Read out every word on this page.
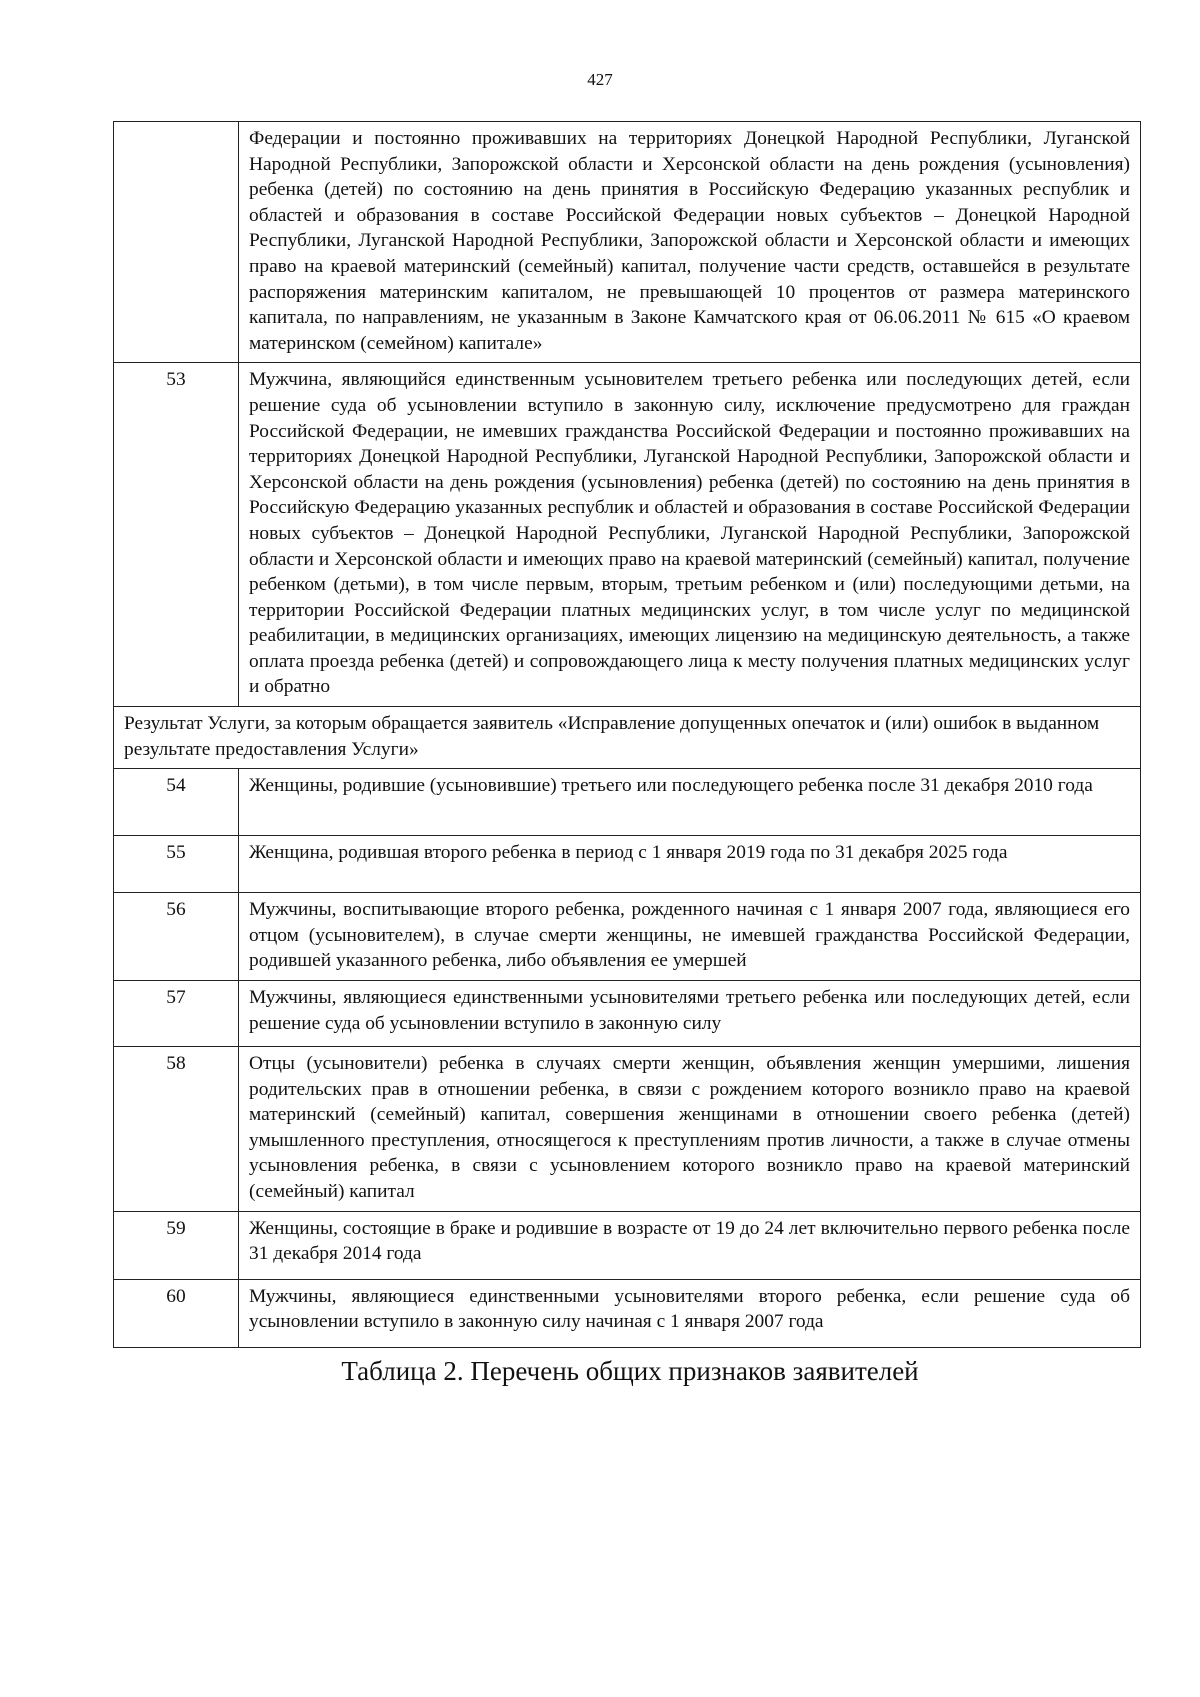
427
	Федерации и постоянно проживавших на территориях Донецкой Народной Республики, Луганской Народной Республики, Запорожской области и Херсонской области на день рождения (усыновления) ребенка (детей) по состоянию на день принятия в Российскую Федерацию указанных республик и областей и образования в составе Российской Федерации новых субъектов – Донецкой Народной Республики, Луганской Народной Республики, Запорожской области и Херсонской области и имеющих право на краевой материнский (семейный) капитал, получение части средств, оставшейся в результате распоряжения материнским капиталом, не превышающей 10 процентов от размера материнского капитала, по направлениям, не указанным в Законе Камчатского края от 06.06.2011 № 615 «О краевом материнском (семейном) капитале»
53	Мужчина, являющийся единственным усыновителем третьего ребенка или последующих детей, если решение суда об усыновлении вступило в законную силу, исключение предусмотрено для граждан Российской Федерации, не имевших гражданства Российской Федерации и постоянно проживавших на территориях Донецкой Народной Республики, Луганской Народной Республики, Запорожской области и Херсонской области на день рождения (усыновления) ребенка (детей) по состоянию на день принятия в Российскую Федерацию указанных республик и областей и образования в составе Российской Федерации новых субъектов – Донецкой Народной Республики, Луганской Народной Республики, Запорожской области и Херсонской области и имеющих право на краевой материнский (семейный) капитал, получение ребенком (детьми), в том числе первым, вторым, третьим ребенком и (или) последующими детьми, на территории Российской Федерации платных медицинских услуг, в том числе услуг по медицинской реабилитации, в медицинских организациях, имеющих лицензию на медицинскую деятельность, а также оплата проезда ребенка (детей) и сопровождающего лица к месту получения платных медицинских услуг и обратно
Результат Услуги, за которым обращается заявитель «Исправление допущенных опечаток и (или) ошибок в выданном результате предоставления Услуги»	
54	Женщины, родившие (усыновившие) третьего или последующего ребенка после 31 декабря 2010 года
55	Женщина, родившая второго ребенка в период с 1 января 2019 года по 31 декабря 2025 года
56	Мужчины, воспитывающие второго ребенка, рожденного начиная с 1 января 2007 года, являющиеся его отцом (усыновителем), в случае смерти женщины, не имевшей гражданства Российской Федерации, родившей указанного ребенка, либо объявления ее умершей
57	Мужчины, являющиеся единственными усыновителями третьего ребенка или последующих детей, если решение суда об усыновлении вступило в законную силу
58	Отцы (усыновители) ребенка в случаях смерти женщин, объявления женщин умершими, лишения родительских прав в отношении ребенка, в связи с рождением которого возникло право на краевой материнский (семейный) капитал, совершения женщинами в отношении своего ребенка (детей) умышленного преступления, относящегося к преступлениям против личности, а также в случае отмены усыновления ребенка, в связи с усыновлением которого возникло право на краевой материнский (семейный) капитал
59	Женщины, состоящие в браке и родившие в возрасте от 19 до 24 лет включительно первого ребенка после 31 декабря 2014 года
60	Мужчины, являющиеся единственными усыновителями второго ребенка, если решение суда об усыновлении вступило в законную силу начиная с 1 января 2007 года
Таблица 2. Перечень общих признаков заявителей
